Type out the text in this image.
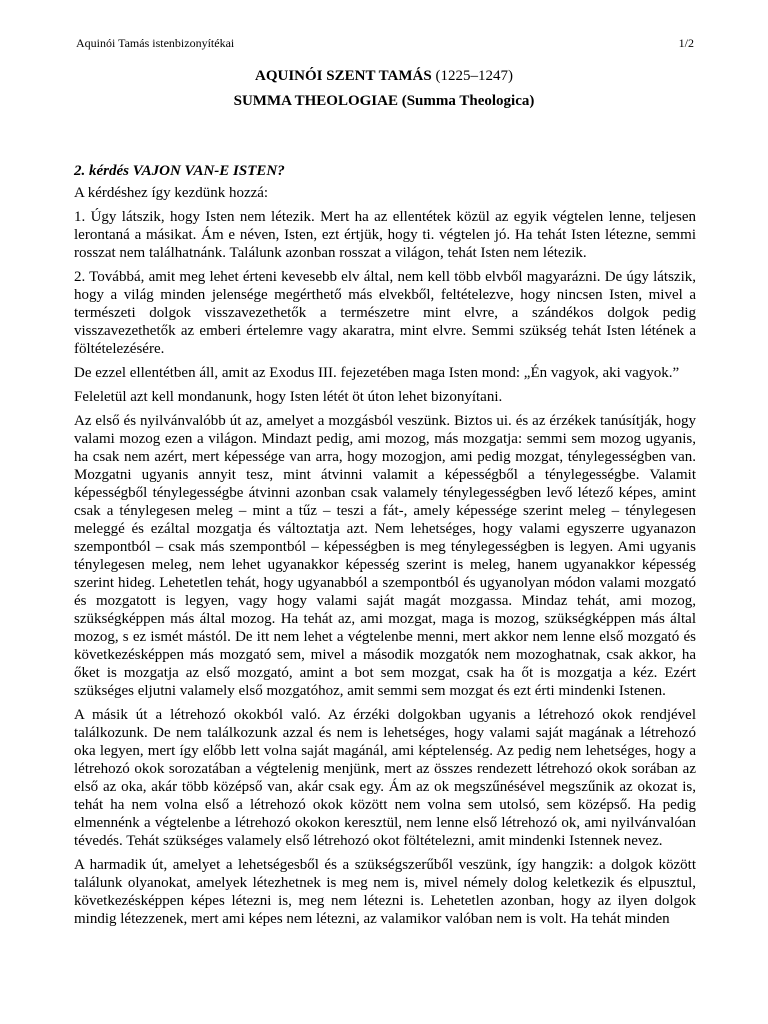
Aquinói Tamás istenbizonyítékai	1/2
AQUINÓI SZENT TAMÁS (1225–1247)
SUMMA THEOLOGIAE (Summa Theologica)

2. kérdés VAJON VAN-E ISTEN?

A kérdéshez így kezdünk hozzá:

1. Úgy látszik, hogy Isten nem létezik. Mert ha az ellentétek közül az egyik végtelen lenne, teljesen lerontaná a másikat. Ám e néven, Isten, ezt értjük, hogy ti. végtelen jó. Ha tehát Isten létezne, semmi rosszat nem találhatnánk. Találunk azonban rosszat a világon, tehát Isten nem létezik.

2. Továbbá, amit meg lehet érteni kevesebb elv által, nem kell több elvből magyarázni. De úgy látszik, hogy a világ minden jelensége megérthető más elvekből, feltételezve, hogy nincsen Isten, mivel a természeti dolgok visszavezethetők a természetre mint elvre, a szándékos dolgok pedig visszavezethetők az emberi értelemre vagy akaratra, mint elvre. Semmi szükség tehát Isten létének a föltételezésére.

De ezzel ellentétben áll, amit az Exodus III. fejezetében maga Isten mond: „Én vagyok, aki vagyok.”

Feleletül azt kell mondanunk, hogy Isten létét öt úton lehet bizonyítani.

Az első és nyilvánvalóbb út az, amelyet a mozgásból veszünk. Biztos ui. és az érzékek tanúsítják, hogy valami mozog ezen a világon. Mindazt pedig, ami mozog, más mozgatja: semmi sem mozog ugyanis, ha csak nem azért, mert képessége van arra, hogy mozogjon, ami pedig mozgat, ténylegességben van. Mozgatni ugyanis annyit tesz, mint átvinni valamit a képességből a ténylegességbe. Valamit képességből ténylegességbe átvinni azonban csak valamely ténylegességben levő létező képes, amint csak a ténylegesen meleg – mint a tűz – teszi a fát-, amely képessége szerint meleg – ténylegesen meleggé és ezáltal mozgatja és változtatja azt. Nem lehetséges, hogy valami egyszerre ugyanazon szempontból – csak más szempontból – képességben is meg ténylegességben is legyen. Ami ugyanis ténylegesen meleg, nem lehet ugyanakkor képesség szerint is meleg, hanem ugyanakkor képesség szerint hideg. Lehetetlen tehát, hogy ugyanabból a szempontból és ugyanolyan módon valami mozgató és mozgatott is legyen, vagy hogy valami saját magát mozgassa. Mindaz tehát, ami mozog, szükségképpen más által mozog. Ha tehát az, ami mozgat, maga is mozog, szükségképpen más által mozog, s ez ismét mástól. De itt nem lehet a végtelenbe menni, mert akkor nem lenne első mozgató és következésképpen más mozgató sem, mivel a második mozgatók nem mozoghatnak, csak akkor, ha őket is mozgatja az első mozgató, amint a bot sem mozgat, csak ha őt is mozgatja a kéz. Ezért szükséges eljutni valamely első mozgatóhoz, amit semmi sem mozgat és ezt érti mindenki Istenen.

A másik út a létrehozó okokból való. Az érzéki dolgokban ugyanis a létrehozó okok rendjével találkozunk. De nem találkozunk azzal és nem is lehetséges, hogy valami saját magának a létrehozó oka legyen, mert így előbb lett volna saját magánál, ami képtelenség. Az pedig nem lehetséges, hogy a létrehozó okok sorozatában a végtelenig menjünk, mert az összes rendezett létrehozó okok sorában az első az oka, akár több középső van, akár csak egy. Ám az ok megszűnésével megszűnik az okozat is, tehát ha nem volna első a létrehozó okok között nem volna sem utolsó, sem középső. Ha pedig elmennénk a végtelenbe a létrehozó okokon keresztül, nem lenne első létrehozó ok, ami nyilvánvalóan tévedés. Tehát szükséges valamely első létrehozó okot föltételezni, amit mindenki Istennek nevez.

A harmadik út, amelyet a lehetségesből és a szükségszerűből veszünk, így hangzik: a dolgok között találunk olyanokat, amelyek létezhetnek is meg nem is, mivel némely dolog keletkezik és elpusztul, következésképpen képes létezni is, meg nem létezni is. Lehetetlen azonban, hogy az ilyen dolgok mindig létezzenek, mert ami képes nem létezni, az valamikor valóban nem is volt. Ha tehát minden
